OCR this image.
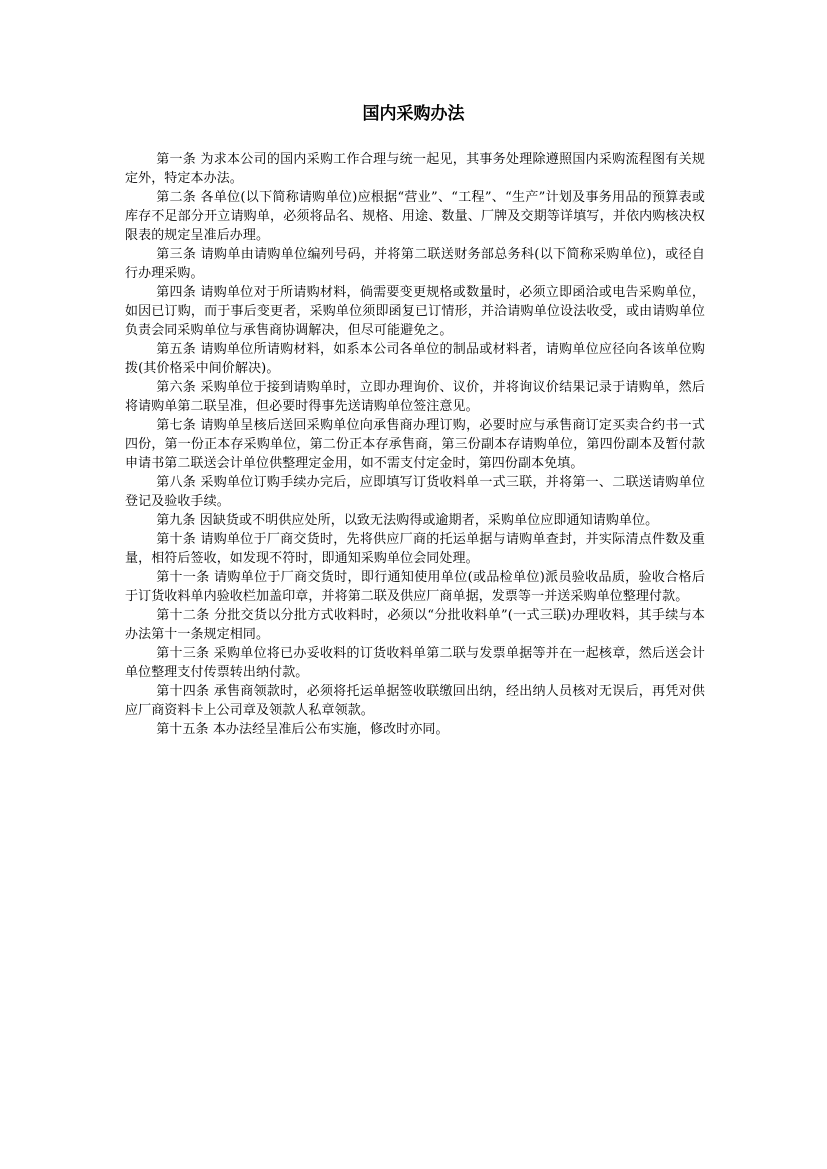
国内采购办法

第一条 为求本公司的国内采购工作合理与统一起见，其事务处理除遵照国内采购流程图有关规定外，特定本办法。

第二条 各单位(以下简称请购单位)应根据“营业”、“工程”、“生产”计划及事务用品的预算表或库存不足部分开立请购单，必须将品名、规格、用途、数量、厂牌及交期等详填写，并依内购核决权限表的规定呈准后办理。

第三条 请购单由请购单位编列号码，并将第二联送财务部总务科(以下简称采购单位)，或径自行办理采购。

第四条 请购单位对于所请购材料，倘需要变更规格或数量时，必须立即函洽或电告采购单位，如因已订购，而于事后变更者，采购单位须即函复已订情形，并洽请购单位设法收受，或由请购单位负责会同采购单位与承售商协调解决，但尽可能避免之。

第五条 请购单位所请购材料，如系本公司各单位的制品或材料者，请购单位应径向各该单位购拨(其价格采中间价解决)。

第六条 采购单位于接到请购单时，立即办理询价、议价，并将询议价结果记录于请购单，然后将请购单第二联呈准，但必要时得事先送请购单位签注意见。

第七条 请购单呈核后送回采购单位向承售商办理订购，必要时应与承售商订定买卖合约书一式四份，第一份正本存采购单位，第二份正本存承售商，第三份副本存请购单位，第四份副本及暂付款申请书第二联送会计单位供整理定金用，如不需支付定金时，第四份副本免填。

第八条 采购单位订购手续办完后，应即填写订货收料单一式三联，并将第一、二联送请购单位登记及验收手续。

第九条 因缺货或不明供应处所，以致无法购得或逾期者，采购单位应即通知请购单位。

第十条 请购单位于厂商交货时，先将供应厂商的托运单据与请购单查封，并实际清点件数及重量，相符后签收，如发现不符时，即通知采购单位会同处理。

第十一条 请购单位于厂商交货时，即行通知使用单位(或品检单位)派员验收品质，验收合格后于订货收料单内验收栏加盖印章，并将第二联及供应厂商单据，发票等一并送采购单位整理付款。

第十二条 分批交货以分批方式收料时，必须以“分批收料单”(一式三联)办理收料，其手续与本办法第十一条规定相同。

第十三条 采购单位将已办妥收料的订货收料单第二联与发票单据等并在一起核章，然后送会计单位整理支付传票转出纳付款。

第十四条 承售商领款时，必须将托运单据签收联缴回出纳，经出纳人员核对无误后，再凭对供应厂商资料卡上公司章及领款人私章领款。

第十五条 本办法经呈准后公布实施，修改时亦同。
